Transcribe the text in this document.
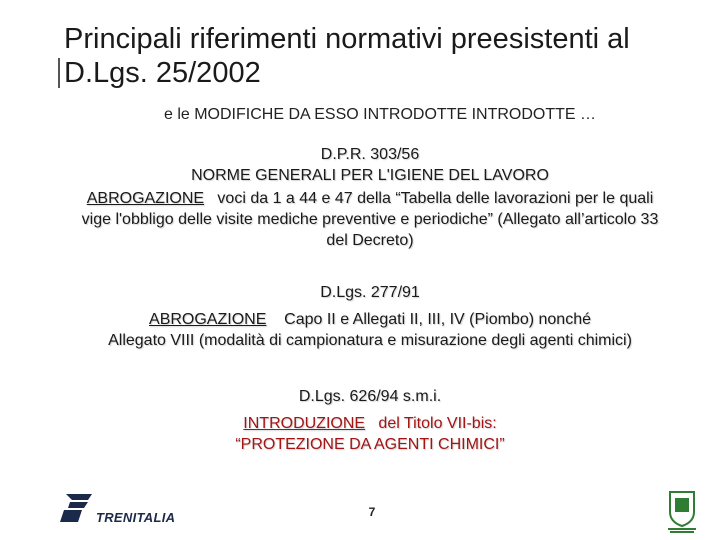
Principali riferimenti normativi preesistenti al
D.Lgs. 25/2002
e le MODIFICHE DA ESSO INTRODOTTE INTRODOTTE …
D.P.R. 303/56
NORME GENERALI PER L'IGIENE DEL LAVORO
ABROGAZIONE voci da 1 a 44 e 47 della “Tabella delle lavorazioni per le quali
vige l'obbligo delle visite mediche preventive e periodiche” (Allegato all’articolo 33
del Decreto)
D.Lgs. 277/91
ABROGAZIONE Capo II e Allegati II, III, IV (Piombo) nonché
Allegato VIII (modalità di campionatura e misurazione degli agenti chimici)
D.Lgs. 626/94 s.m.i.
INTRODUZIONE del Titolo VII-bis:
“PROTEZIONE DA AGENTI CHIMICI”
TRENITALIA	7
